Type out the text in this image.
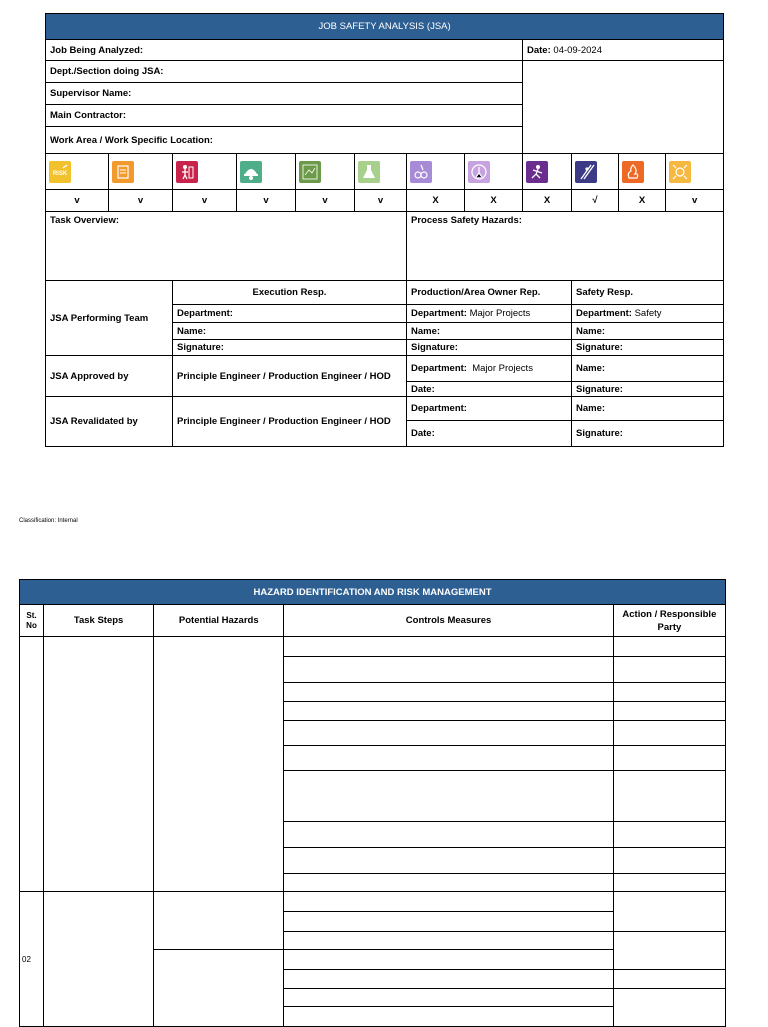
JOB SAFETY ANALYSIS (JSA)											
Job Being Analyzed:								Date: 04-09-2024			
Dept./Section doing JSA:											
Supervisor Name:											
Main Contractor:											
Work Area / Work Specific Location:											

RISK

v	v	v	v	v	v	X	X	X	√	X	v
Task Overview:						Process Safety Hazards:					
JSA Performing Team		Execution Resp.				Production/Area Owner Rep.			Safety Resp.		
		Department:				Department: Major Projects			Department: Safety		
		Name:				Name:			Name:		
		Signature:				Signature:			Signature:		
JSA Approved by		Principle Engineer / Production Engineer / HOD				Department: Major Projects			Name:		
						Date:			Signature:		
JSA Revalidated by		Principle Engineer / Production Engineer / HOD				Department:			Name:		
						Date:			Signature:		
Classification: Internal
HAZARD IDENTIFICATION AND RISK MANAGEMENT				
St. No	Task Steps	Potential Hazards	Controls Measures	Action / Responsible Party

02				
